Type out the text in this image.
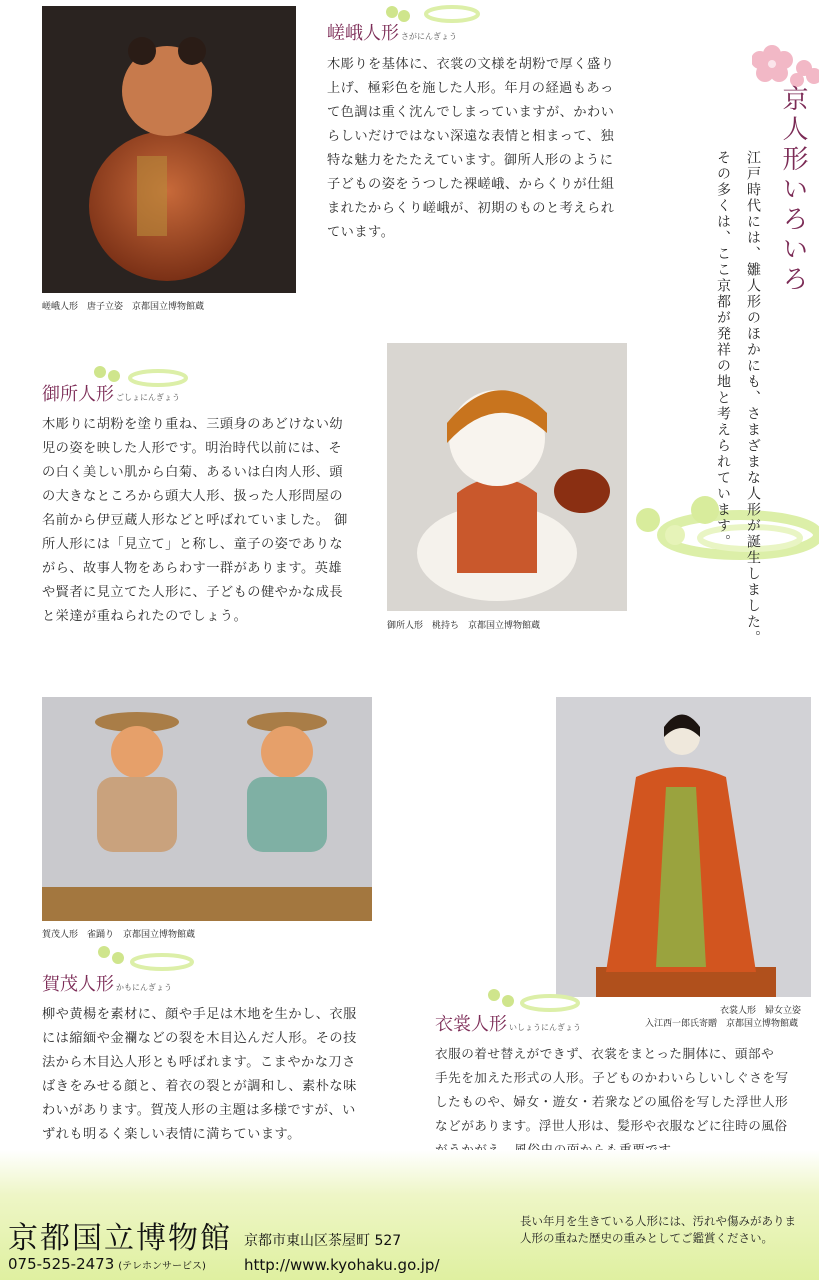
京人形いろいろ
江戸時代には、雛人形のほかにも、さまざまな人形が誕生しました。
その多くは、ここ京都が発祥の地と考えられています。
嵯峨人形　唐子立姿　京都国立博物館蔵
嵯峨人形 さがにんぎょう

木彫りを基体に、衣裳の文様を胡粉で厚く盛り

上げ、極彩色を施した人形。年月の経過もあっ

て色調は重く沈んでしまっていますが、かわい

らしいだけではない深遠な表情と相まって、独

特な魅力をたたえています。御所人形のように

子どもの姿をうつした裸嵯峨、からくりが仕組

まれたからくり嵯峨が、初期のものと考えられ

ています。

御所人形 ごしょにんぎょう

木彫りに胡粉を塗り重ね、三頭身のあどけない幼

児の姿を映した人形です。明治時代以前には、そ

の白く美しい肌から白菊、あるいは白肉人形、頭

の大きなところから頭大人形、扱った人形問屋の

名前から伊豆蔵人形などと呼ばれていました。 御

所人形には「見立て」と称し、童子の姿でありな

がら、故事人物をあらわす一群があります。英雄

や賢者に見立てた人形に、子どもの健やかな成長

と栄達が重ねられたのでしょう。

御所人形　桃持ち　京都国立博物館蔵
賀茂人形　雀踊り　京都国立博物館蔵
賀茂人形 かもにんぎょう

柳や黄楊を素材に、顔や手足は木地を生かし、衣服

には縮緬や金襴などの裂を木目込んだ人形。その技

法から木目込人形とも呼ばれます。こまやかな刀さ

ばきをみせる顔と、着衣の裂とが調和し、素朴な味

わいがあります。賀茂人形の主題は多様ですが、い

ずれも明るく楽しい表情に満ちています。

衣裳人形　婦女立姿
入江西一郎氏寄贈　京都国立博物館蔵
衣裳人形 いしょうにんぎょう

衣服の着せ替えができず、衣裳をまとった胴体に、頭部や

手先を加えた形式の人形。子どものかわいらしいしぐさを写

したものや、婦女・遊女・若衆などの風俗を写した浮世人形

などがあります。浮世人形は、髪形や衣服などに往時の風俗

京都国立博物館 京都市東山区茶屋町 527
075-525-2473 (テレホンサービス)	http://www.kyohaku.go.jp/

長い年月を生きている人形には、汚れや傷みがありま

人形の重ねた歴史の重みとしてご鑑賞ください。
